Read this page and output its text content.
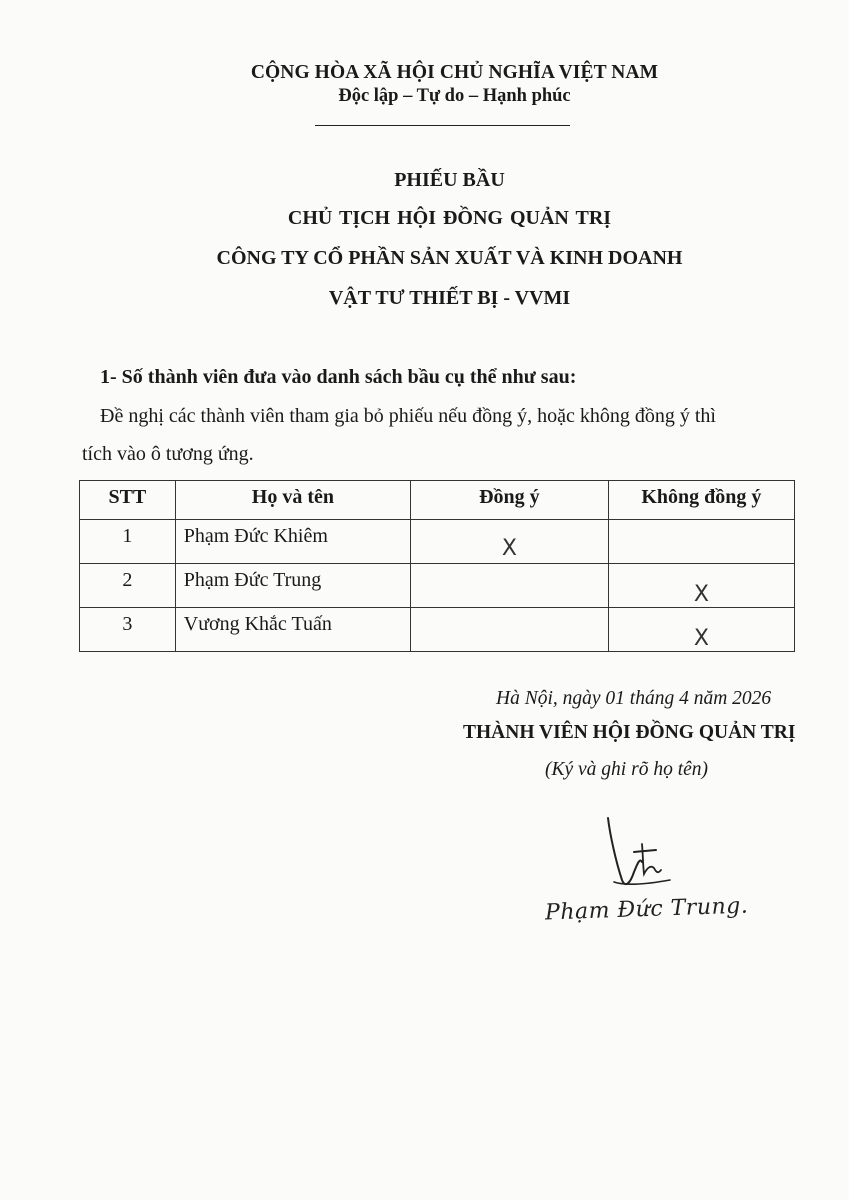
CỘNG HÒA XÃ HỘI CHỦ NGHĨA VIỆT NAM
Độc lập – Tự do – Hạnh phúc
PHIẾU BẦU
CHỦ TỊCH HỘI ĐỒNG QUẢN TRỊ
CÔNG TY CỔ PHẦN SẢN XUẤT VÀ KINH DOANH
VẬT TƯ THIẾT BỊ - VVMI
1- Số thành viên đưa vào danh sách bầu cụ thể như sau:
Đề nghị các thành viên tham gia bỏ phiếu nếu đồng ý, hoặc không đồng ý thì
tích vào ô tương ứng.
STT	Họ và tên	Đồng ý	Không đồng ý
1	Phạm Đức Khiêm	X	
2	Phạm Đức Trung		X
3	Vương Khắc Tuấn		X
Hà Nội, ngày 01 tháng 4 năm 2026
THÀNH VIÊN HỘI ĐỒNG QUẢN TRỊ
(Ký và ghi rõ họ tên)
Phạm Đức Trung.
